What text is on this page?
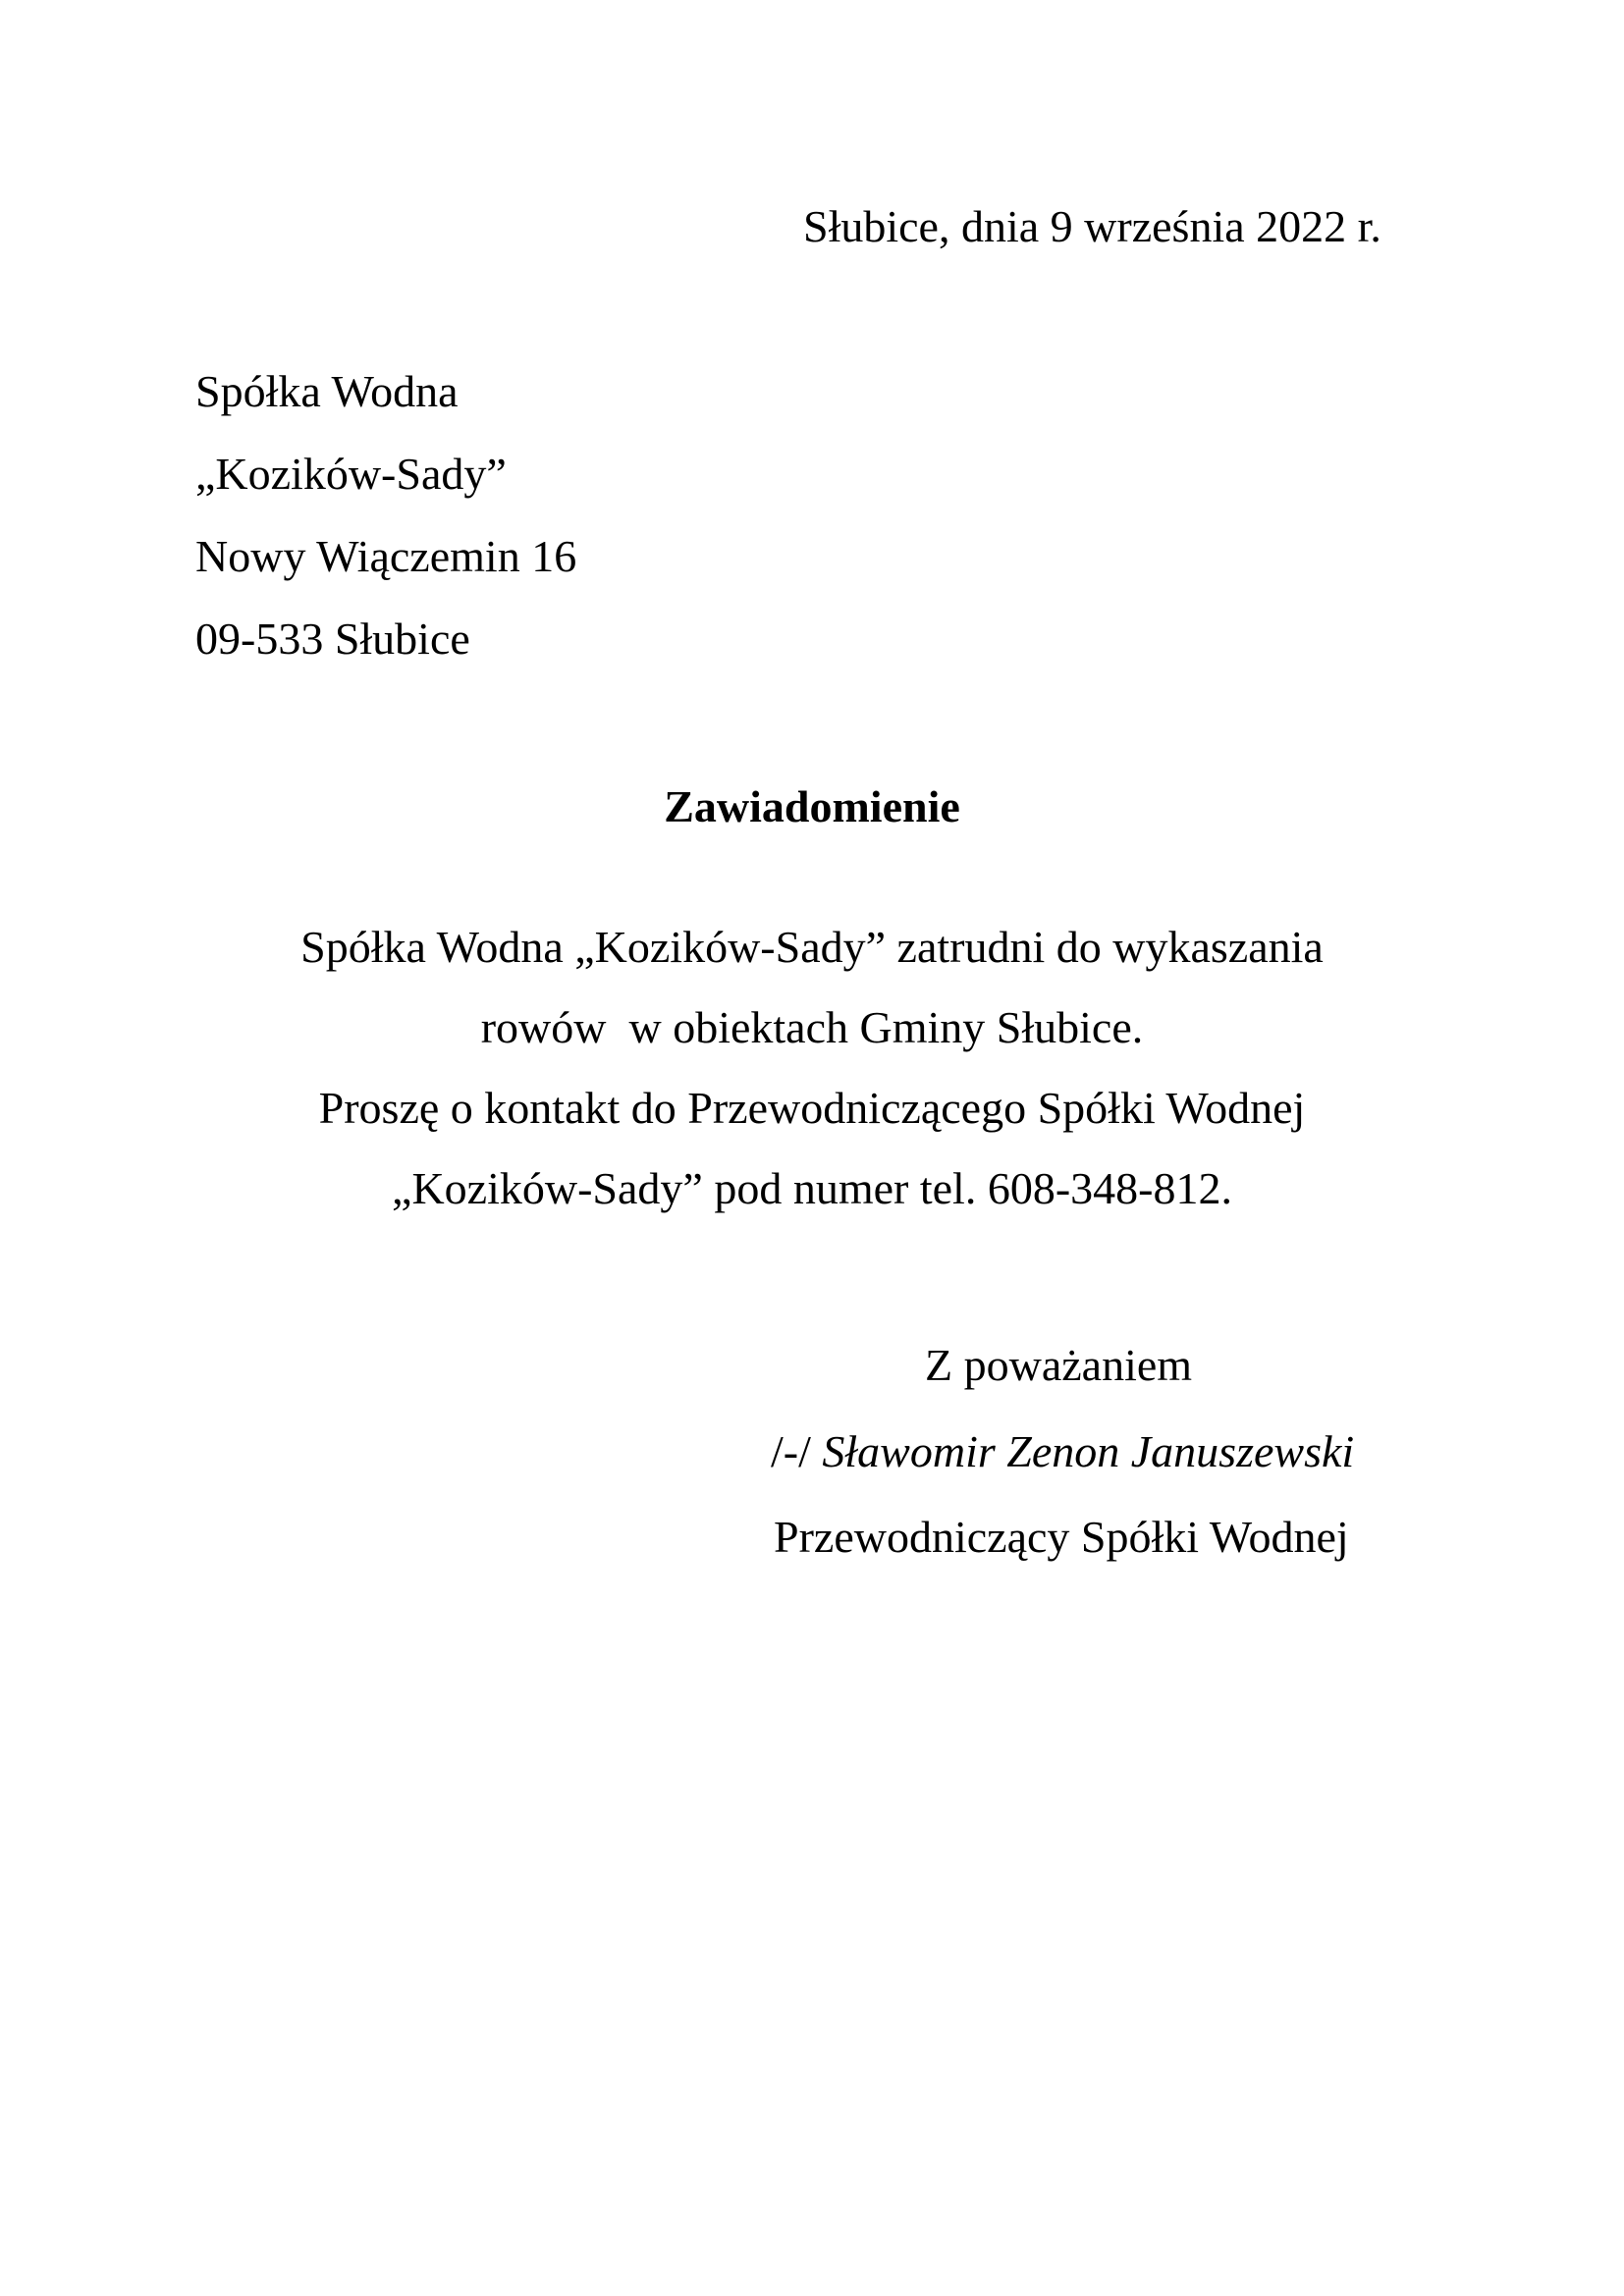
Słubice, dnia 9 września 2022 r.
Spółka Wodna
„Kozików-Sady”
Nowy Wiączemin 16
09-533 Słubice
Zawiadomienie
Spółka Wodna „Kozików-Sady” zatrudni do wykaszania
rowów  w obiektach Gminy Słubice.
Proszę o kontakt do Przewodniczącego Spółki Wodnej
„Kozików-Sady” pod numer tel. 608-348-812.
Z poważaniem
/-/ Sławomir Zenon Januszewski
Przewodniczący Spółki Wodnej
